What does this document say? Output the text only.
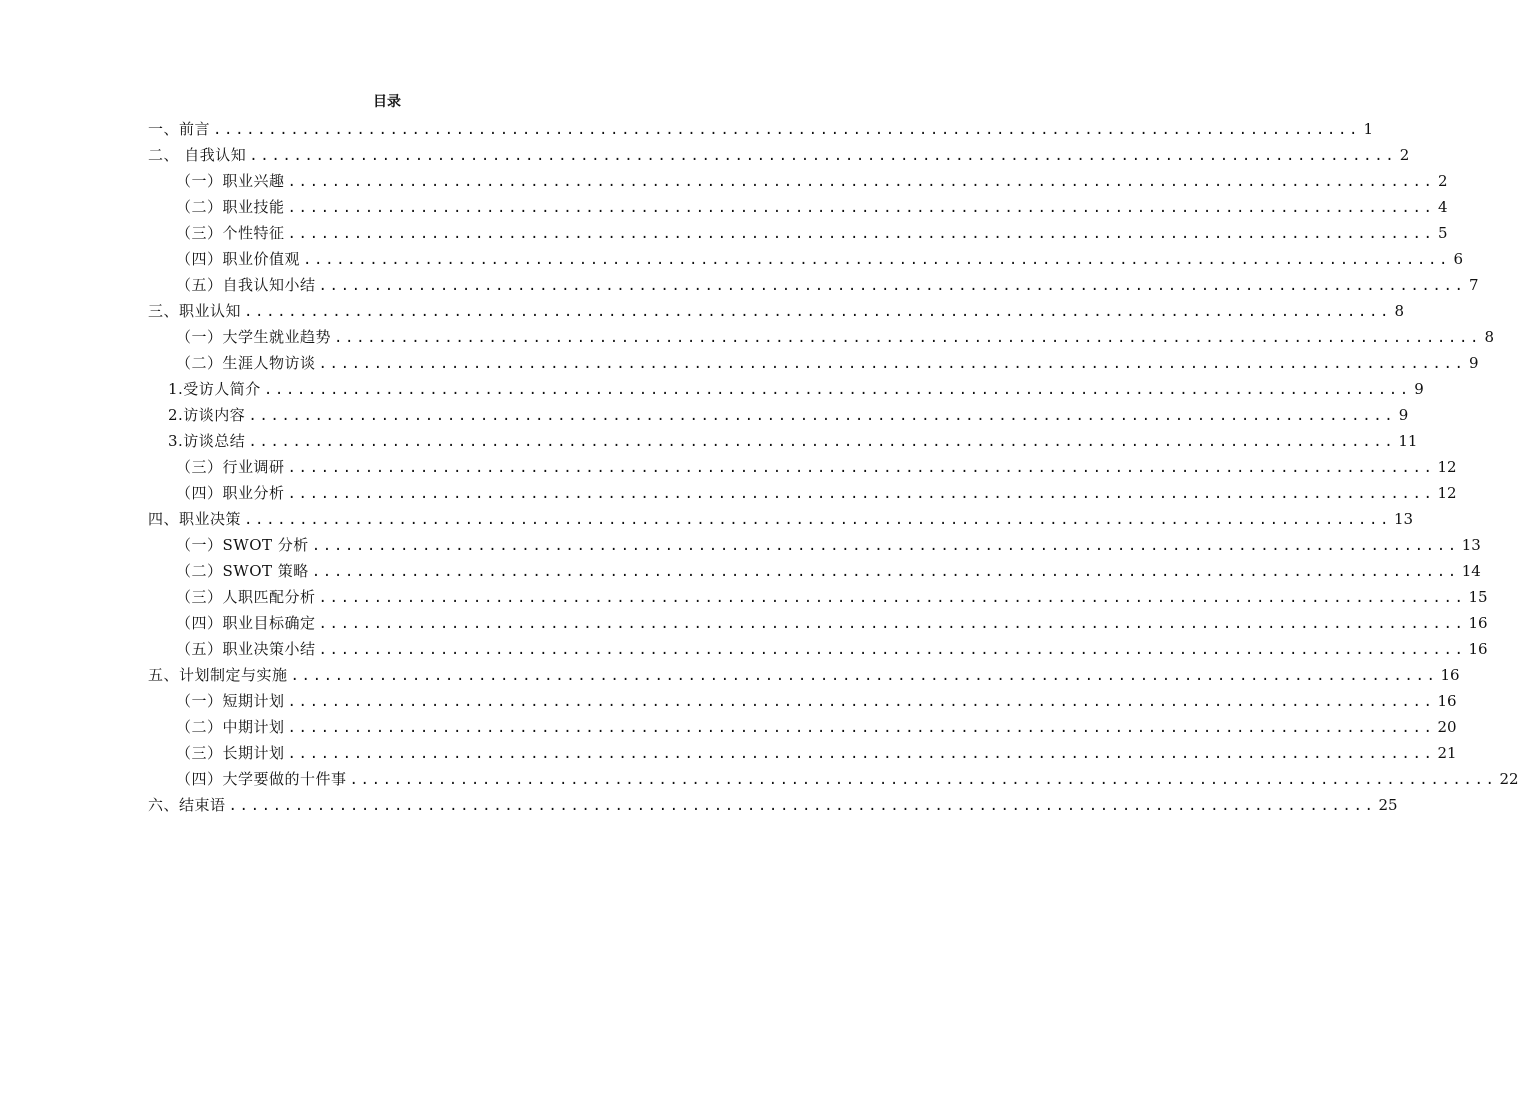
目录
一、前言 ........................................................................................................ 1
二、 自我认知 ........................................................................................................ 2
（一）职业兴趣 ........................................................................................................ 2
（二）职业技能 ........................................................................................................ 4
（三）个性特征 ........................................................................................................ 5
（四）职业价值观 ........................................................................................................ 6
（五）自我认知小结 ........................................................................................................ 7
三、职业认知 ........................................................................................................ 8
（一）大学生就业趋势 ........................................................................................................ 8
（二）生涯人物访谈 ........................................................................................................ 9
1.受访人简介 ........................................................................................................ 9
2.访谈内容 ........................................................................................................ 9
3.访谈总结 ........................................................................................................ 11
（三）行业调研 ........................................................................................................ 12
（四）职业分析 ........................................................................................................ 12
四、职业决策 ........................................................................................................ 13
（一）SWOT 分析 ........................................................................................................ 13
（二）SWOT 策略 ........................................................................................................ 14
（三）人职匹配分析 ........................................................................................................ 15
（四）职业目标确定 ........................................................................................................ 16
（五）职业决策小结 ........................................................................................................ 16
五、计划制定与实施 ........................................................................................................ 16
（一）短期计划 ........................................................................................................ 16
（二）中期计划 ........................................................................................................ 20
（三）长期计划 ........................................................................................................ 21
（四）大学要做的十件事 ........................................................................................................ 22
六、结束语 ........................................................................................................ 25
